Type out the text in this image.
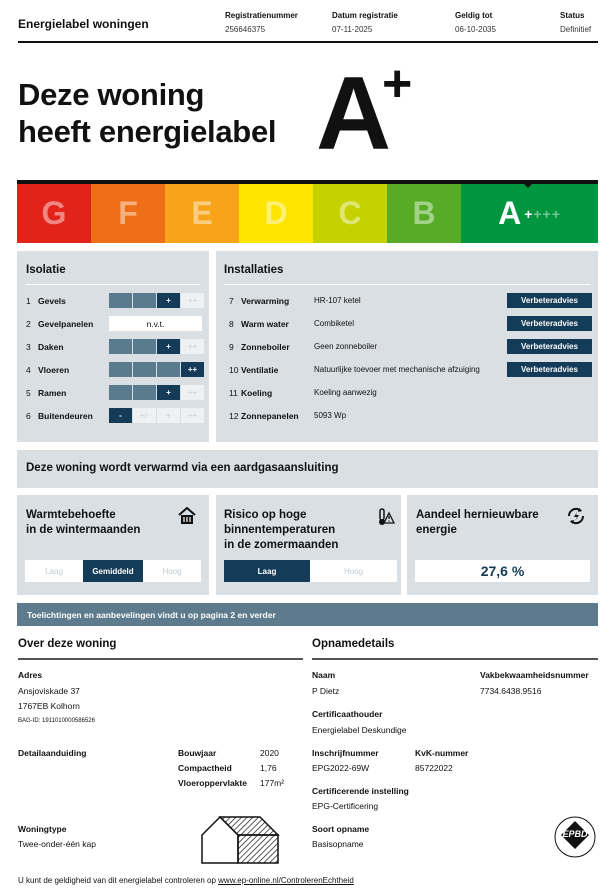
Energielabel woningen
Registratienummer
256646375
Datum registratie
07-11-2025
Geldig tot
06-10-2035
Status
Definitief
Deze woning
heeft energielabel A
+
G F E D C B A ++++
Isolatie
1 Gevels	+	++
2 Gevelpanelen	n.v.t.
3 Daken	+	++
4 Vloeren	++
5 Ramen	+	++
6 Buitendeuren	-	+/-	+	++
Installaties
7 Verwarming	HR-107 ketel	Verbeteradvies
8 Warm water	Combiketel	Verbeteradvies
9 Zonneboiler	Geen zonneboiler	Verbeteradvies
10 Ventilatie	Natuurlijke toevoer met mechanische afzuiging	Verbeteradvies
11 Koeling	Koeling aanwezig
12 Zonnepanelen 5093 Wp
Deze woning wordt verwarmd via een aardgasaansluiting
Warmtebehoefte
in de wintermaanden
Laag	Gemiddeld	Hoog
Risico op hoge
binnentemperaturen
in de zomermaanden
Laag	Hoog
Aandeel hernieuwbare
energie
27,6 %
Toelichtingen en aanbevelingen vindt u op pagina 2 en verder
Over deze woning
Adres
Ansjoviskade 37
1767EB Kolhorn
BAG-ID: 1911010000586526
Detailaanduiding	Bouwjaar	2020
Compactheid	1,76
Vloeroppervlakte 177m²
Woningtype
Twee-onder-één kap
Opnamedetails
Naam
P Dietz
Vakbekwaamheidsnummer
7734.6438.9516
Certificaathouder
Energielabel Deskundige
Inschrijfnummer
EPG2022-69W
KvK-nummer
85722022
Certificerende instelling
EPG-Certificering
Soort opname
Basisopname
EPBD
U kunt de geldigheid van dit energielabel controleren op www.ep-online.nl/ControlerenEchtheid
